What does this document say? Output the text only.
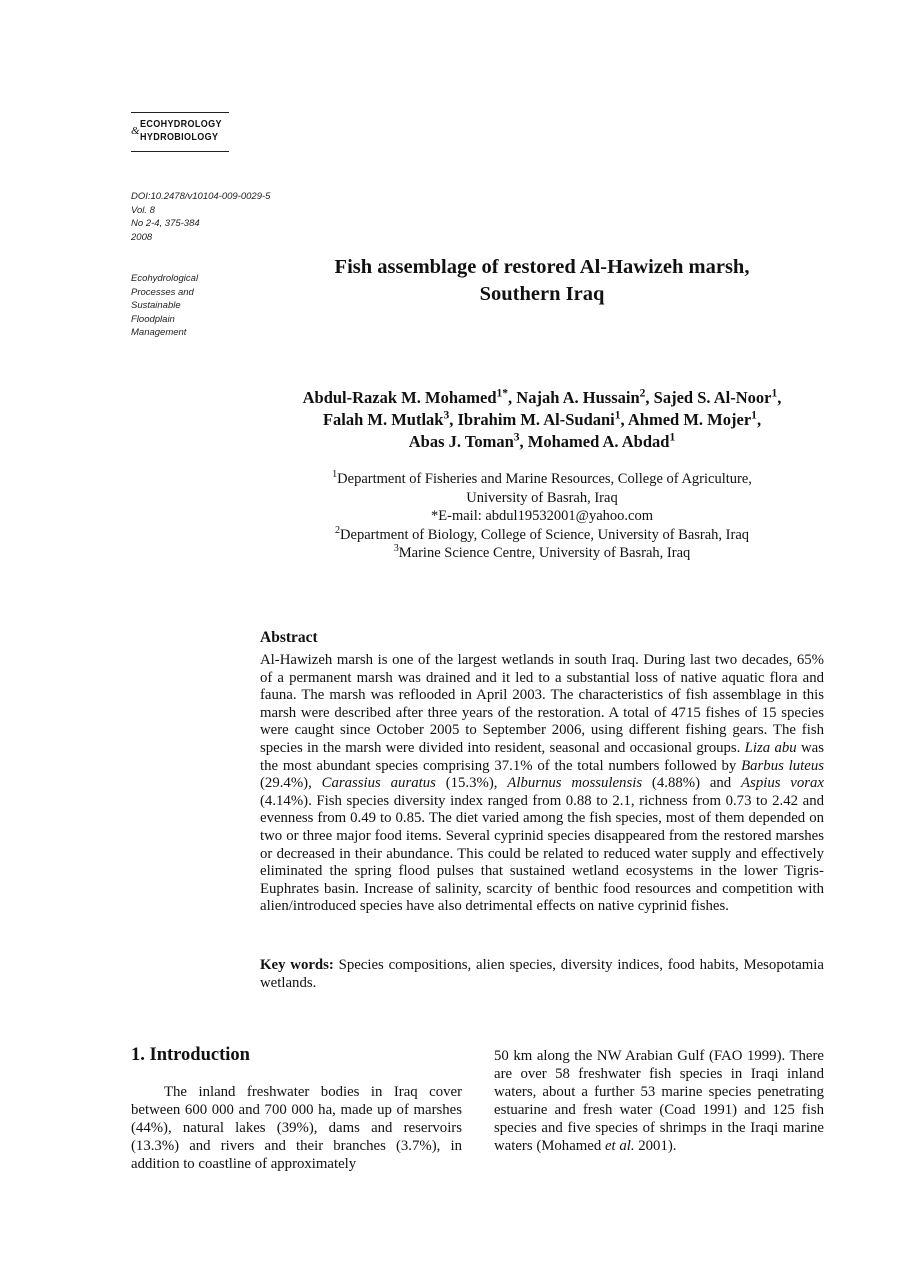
&
ECOHYDROLOGY
HYDROBIOLOGY
DOI:10.2478/v10104-009-0029-5
Vol. 8
No 2-4, 375-384
2008
Ecohydrological
Processes and
Sustainable
Floodplain
Management
Fish assemblage of restored Al-Hawizeh marsh,
Southern Iraq
Abdul-Razak M. Mohamed$^{1*}$, Najah A. Hussain$^2$, Sajed S. Al-Noor$^1$,
Falah M. Mutlak$^3$, Ibrahim M. Al-Sudani$^1$, Ahmed M. Mojer$^1$,
Abas J. Toman$^3$, Mohamed A. Abdad$^1$
$^1$Department of Fisheries and Marine Resources, College of Agriculture,
University of Basrah, Iraq
*E-mail: abdul19532001@yahoo.com
$^2$Department of Biology, College of Science, University of Basrah, Iraq
$^3$Marine Science Centre, University of Basrah, Iraq
Abstract
Al-Hawizeh marsh is one of the largest wetlands in south Iraq. During last two decades, 65% of a permanent marsh was drained and it led to a substantial loss of native aquatic flora and fauna. The marsh was reflooded in April 2003. The characteristics of fish assemblage in this marsh were described after three years of the restoration. A total of 4715 fishes of 15 species were caught since October 2005 to September 2006, using different fishing gears. The fish species in the marsh were divided into resident, seasonal and occasional groups. Liza abu was the most abundant species comprising 37.1% of the total numbers followed by Barbus luteus (29.4%), Carassius auratus (15.3%), Alburnus mossulensis (4.88%) and Aspius vorax (4.14%). Fish species diversity index ranged from 0.88 to 2.1, richness from 0.73 to 2.42 and evenness from 0.49 to 0.85. The diet varied among the fish species, most of them depended on two or three major food items. Several cyprinid species disappeared from the restored marshes or decreased in their abundance. This could be related to reduced water supply and effectively eliminated the spring flood pulses that sustained wetland ecosystems in the lower Tigris-Euphrates basin. Increase of salinity, scarcity of benthic food resources and competition with alien/introduced species have also detrimental effects on native cyprinid fishes.
Key words: Species compositions, alien species, diversity indices, food habits, Mesopotamia wetlands.
1. Introduction
The inland freshwater bodies in Iraq cover between 600 000 and 700 000 ha, made up of marshes (44%), natural lakes (39%), dams and reservoirs (13.3%) and rivers and their branches (3.7%), in addition to coastline of approximately
50 km along the NW Arabian Gulf (FAO 1999). There are over 58 freshwater fish species in Iraqi inland waters, about a further 53 marine species penetrating estuarine and fresh water (Coad 1991) and 125 fish species and five species of shrimps in the Iraqi marine waters (Mohamed et al. 2001).
